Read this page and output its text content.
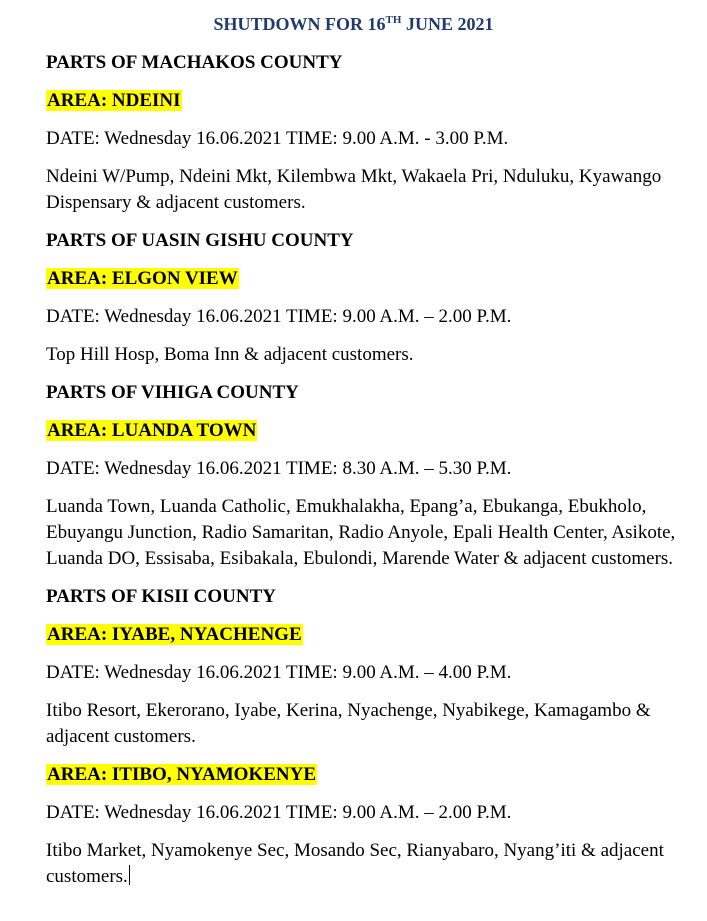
SHUTDOWN FOR 16TH JUNE 2021
PARTS OF MACHAKOS COUNTY
AREA: NDEINI
DATE: Wednesday 16.06.2021 TIME: 9.00 A.M. - 3.00 P.M.
Ndeini W/Pump, Ndeini Mkt, Kilembwa Mkt, Wakaela Pri, Nduluku, Kyawango Dispensary & adjacent customers.
PARTS OF UASIN GISHU COUNTY
AREA: ELGON VIEW
DATE: Wednesday 16.06.2021 TIME: 9.00 A.M. – 2.00 P.M.
Top Hill Hosp, Boma Inn & adjacent customers.
PARTS OF VIHIGA COUNTY
AREA: LUANDA TOWN
DATE: Wednesday 16.06.2021 TIME: 8.30 A.M. – 5.30 P.M.
Luanda Town, Luanda Catholic, Emukhalakha, Epang’a, Ebukanga, Ebukholo, Ebuyangu Junction, Radio Samaritan, Radio Anyole, Epali Health Center, Asikote, Luanda DO, Essisaba, Esibakala, Ebulondi, Marende Water & adjacent customers.
PARTS OF KISII COUNTY
AREA: IYABE, NYACHENGE
DATE: Wednesday 16.06.2021 TIME: 9.00 A.M. – 4.00 P.M.
Itibo Resort, Ekerorano, Iyabe, Kerina, Nyachenge, Nyabikege, Kamagambo & adjacent customers.
AREA: ITIBO, NYAMOKENYE
DATE: Wednesday 16.06.2021 TIME: 9.00 A.M. – 2.00 P.M.
Itibo Market, Nyamokenye Sec, Mosando Sec, Rianyabaro, Nyang’iti & adjacent customers.
